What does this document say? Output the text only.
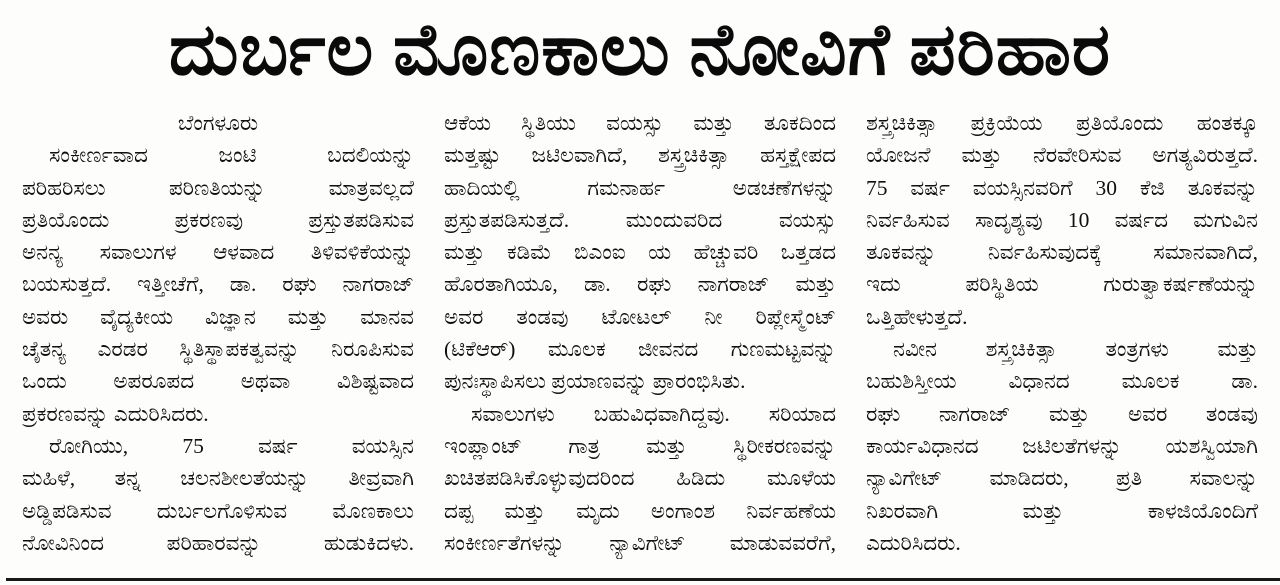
ದುರ್ಬಲ ಮೊಣಕಾಲು ನೋವಿಗೆ ಪರಿಹಾರ
ಬೆಂಗಳೂರು
ಸಂಕೀರ್ಣವಾದ ಜಂಟಿ ಬದಲಿಯನ್ನು
ಪರಿಹರಿಸಲು ಪರಿಣತಿಯನ್ನು ಮಾತ್ರವಲ್ಲದೆ
ಪ್ರತಿಯೊಂದು ಪ್ರಕರಣವು ಪ್ರಸ್ತುತಪಡಿಸುವ
ಅನನ್ಯ ಸವಾಲುಗಳ ಆಳವಾದ ತಿಳಿವಳಿಕೆಯನ್ನು
ಬಯಸುತ್ತದೆ. ಇತ್ತೀಚೆಗೆ, ಡಾ. ರಘು ನಾಗರಾಜ್
ಅವರು ವೈದ್ಯಕೀಯ ವಿಜ್ಞಾನ ಮತ್ತು ಮಾನವ
ಚೈತನ್ಯ ಎರಡರ ಸ್ಥಿತಿಸ್ಥಾಪಕತ್ವವನ್ನು ನಿರೂಪಿಸುವ
ಒಂದು ಅಪರೂಪದ ಅಥವಾ ವಿಶಿಷ್ಟವಾದ
ಪ್ರಕರಣವನ್ನು ಎದುರಿಸಿದರು.
ರೋಗಿಯು, 75 ವರ್ಷ ವಯಸ್ಸಿನ
ಮಹಿಳೆ, ತನ್ನ ಚಲನಶೀಲತೆಯನ್ನು ತೀವ್ರವಾಗಿ
ಅಡ್ಡಿಪಡಿಸುವ ದುರ್ಬಲಗೊಳಿಸುವ ಮೊಣಕಾಲು
ನೋವಿನಿಂದ ಪರಿಹಾರವನ್ನು ಹುಡುಕಿದಳು.
ಆಕೆಯ ಸ್ಥಿತಿಯು ವಯಸ್ಸು ಮತ್ತು ತೂಕದಿಂದ
ಮತ್ತಷ್ಟು ಜಟಿಲವಾಗಿದೆ, ಶಸ್ತ್ರಚಿಕಿತ್ಸಾ ಹಸ್ತಕ್ಷೇಪದ
ಹಾದಿಯಲ್ಲಿ ಗಮನಾರ್ಹ ಅಡಚಣೆಗಳನ್ನು
ಪ್ರಸ್ತುತಪಡಿಸುತ್ತದೆ. ಮುಂದುವರಿದ ವಯಸ್ಸು
ಮತ್ತು ಕಡಿಮೆ ಬಿಎಂಐ ಯ ಹೆಚ್ಚುವರಿ ಒತ್ತಡದ
ಹೊರತಾಗಿಯೂ, ಡಾ. ರಘು ನಾಗರಾಜ್ ಮತ್ತು
ಅವರ ತಂಡವು ಟೋಟಲ್ ನೀ ರಿಪ್ಲೇಸ್ಮೆಂಟ್
(ಟಿಕೆಆರ್) ಮೂಲಕ ಜೀವನದ ಗುಣಮಟ್ಟವನ್ನು
ಪುನಃಸ್ಥಾಪಿಸಲು ಪ್ರಯಾಣವನ್ನು ಪ್ರಾರಂಭಿಸಿತು.
ಸವಾಲುಗಳು ಬಹುವಿಧವಾಗಿದ್ದವು. ಸರಿಯಾದ
ಇಂಪ್ಲಾಂಟ್ ಗಾತ್ರ ಮತ್ತು ಸ್ಥಿರೀಕರಣವನ್ನು
ಖಚಿತಪಡಿಸಿಕೊಳ್ಳುವುದರಿಂದ ಹಿಡಿದು ಮೂಳೆಯ
ದಪ್ಪ ಮತ್ತು ಮೃದು ಅಂಗಾಂಶ ನಿರ್ವಹಣೆಯ
ಸಂಕೀರ್ಣತೆಗಳನ್ನು ನ್ಯಾವಿಗೇಟ್ ಮಾಡುವವರೆಗೆ,
ಶಸ್ತ್ರಚಿಕಿತ್ಸಾ ಪ್ರಕ್ರಿಯೆಯ ಪ್ರತಿಯೊಂದು ಹಂತಕ್ಕೂ
ಯೋಜನೆ ಮತ್ತು ನೆರವೇರಿಸುವ ಅಗತ್ಯವಿರುತ್ತದೆ.
75 ವರ್ಷ ವಯಸ್ಸಿನವರಿಗೆ 30 ಕೆಜಿ ತೂಕವನ್ನು
ನಿರ್ವಹಿಸುವ ಸಾದೃಶ್ಯವು 10 ವರ್ಷದ ಮಗುವಿನ
ತೂಕವನ್ನು ನಿರ್ವಹಿಸುವುದಕ್ಕೆ ಸಮಾನವಾಗಿದೆ,
ಇದು ಪರಿಸ್ಥಿತಿಯ ಗುರುತ್ವಾಕರ್ಷಣೆಯನ್ನು
ಒತ್ತಿಹೇಳುತ್ತದೆ.
ನವೀನ ಶಸ್ತ್ರಚಿಕಿತ್ಸಾ ತಂತ್ರಗಳು ಮತ್ತು
ಬಹುಶಿಸ್ತೀಯ ವಿಧಾನದ ಮೂಲಕ ಡಾ.
ರಘು ನಾಗರಾಜ್ ಮತ್ತು ಅವರ ತಂಡವು
ಕಾರ್ಯವಿಧಾನದ ಜಟಿಲತೆಗಳನ್ನು ಯಶಸ್ವಿಯಾಗಿ
ನ್ಯಾವಿಗೇಟ್ ಮಾಡಿದರು, ಪ್ರತಿ ಸವಾಲನ್ನು
ನಿಖರವಾಗಿ ಮತ್ತು ಕಾಳಜಿಯೊಂದಿಗೆ
ಎದುರಿಸಿದರು.
